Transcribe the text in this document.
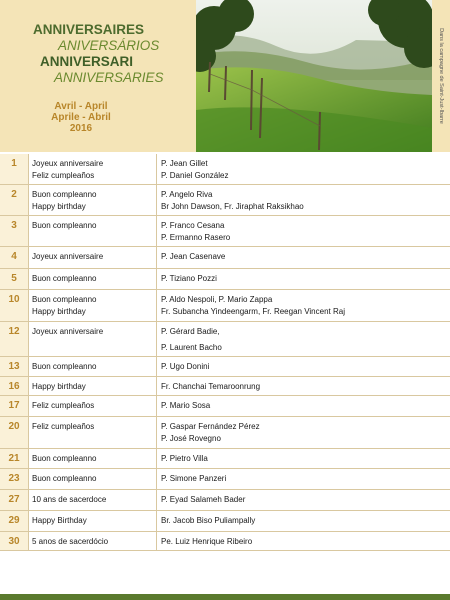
ANNIVERSAIRES
ANIVERSÁRIOS
ANNIVERSARI
ANNIVERSARIES
Avril - April
Aprile - Abril
2016
Dans la campagne de Saint-Just-Ibarre
1	Joyeux anniversaire	P. Jean Gillet
Feliz cumpleaños	P. Daniel González
2	Buon compleanno	P. Angelo Riva
Happy birthday	Br John Dawson, Fr. Jiraphat Raksikhao
3	Buon compleanno	P. Franco Cesana
P. Ermanno Rasero
4	Joyeux anniversaire	P. Jean Casenave
5	Buon compleanno	P. Tiziano Pozzi
10	Buon compleanno	P. Aldo Nespoli, P. Mario Zappa
Happy birthday	Fr. Subancha Yindeengarm, Fr. Reegan Vincent Raj
12	Joyeux anniversaire	P. Gérard Badie,
P. Laurent Bacho
13	Buon compleanno	P. Ugo Donini
16	Happy birthday	Fr. Chanchai Temaroonrung
17	Feliz cumpleaños	P. Mario Sosa
20	Feliz cumpleaños	P. Gaspar Fernández Pérez
P. José Rovegno
21	Buon compleanno	P. Pietro Villa
23	Buon compleanno	P. Simone Panzeri
27	10 ans de sacerdoce	P. Eyad Salameh Bader
29	Happy Birthday	Br. Jacob Biso Puliampally
30	5 anos de sacerdócio	Pe. Luiz Henrique Ribeiro
